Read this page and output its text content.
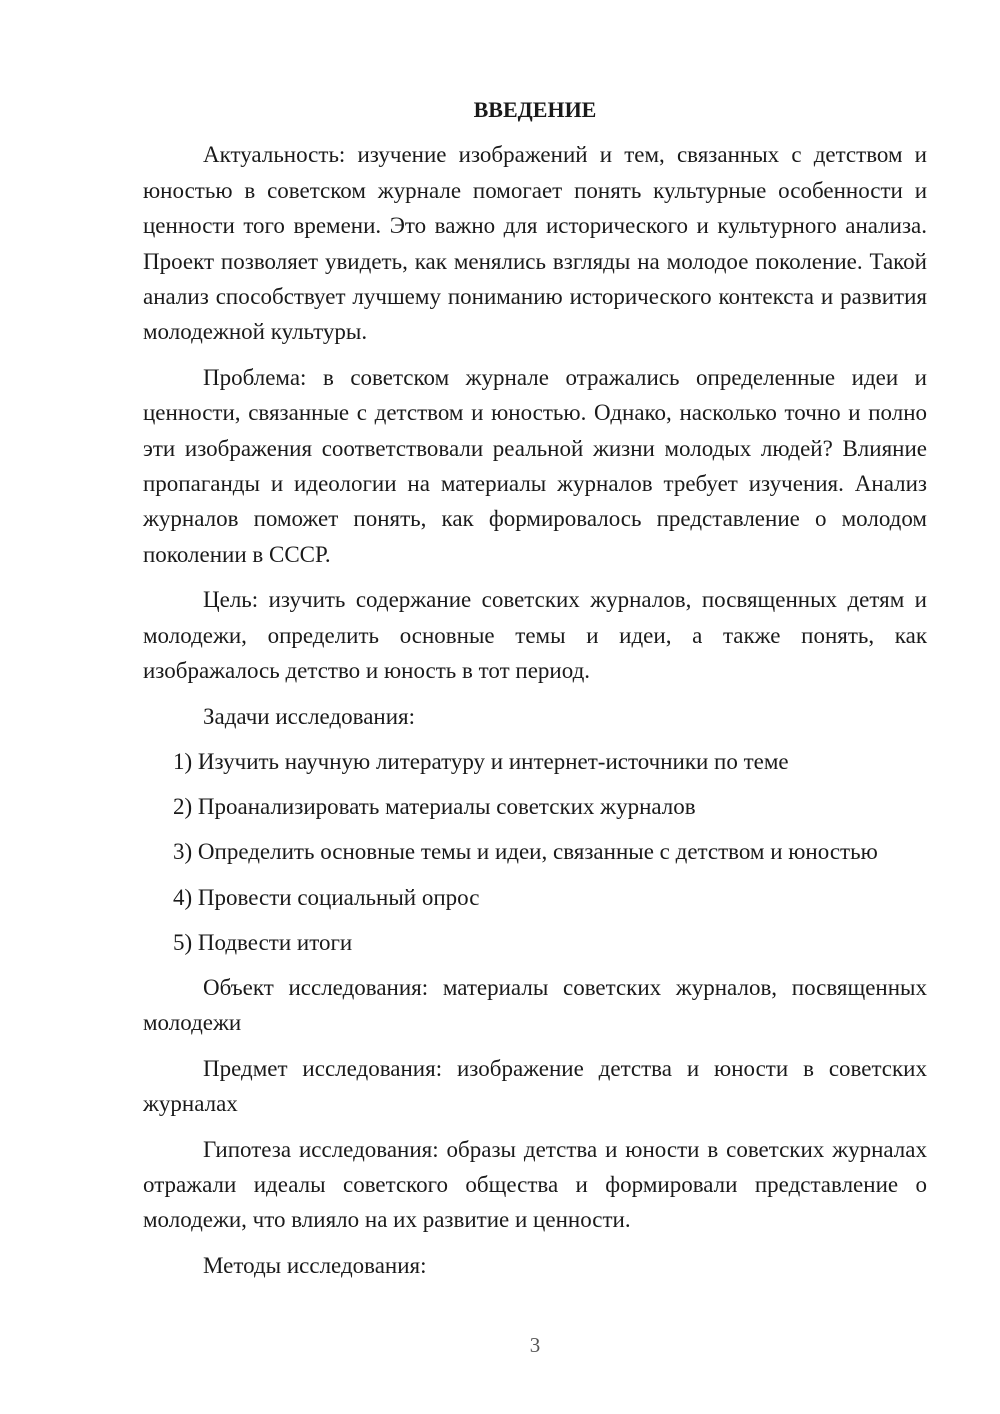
ВВЕДЕНИЕ
Актуальность: изучение изображений и тем, связанных с детством и юностью в советском журнале помогает понять культурные особенности и ценности того времени. Это важно для исторического и культурного анализа. Проект позволяет увидеть, как менялись взгляды на молодое поколение. Такой анализ способствует лучшему пониманию исторического контекста и развития молодежной культуры.
Проблема: в советском журнале отражались определенные идеи и ценности, связанные с детством и юностью. Однако, насколько точно и полно эти изображения соответствовали реальной жизни молодых людей? Влияние пропаганды и идеологии на материалы журналов требует изучения. Анализ журналов поможет понять, как формировалось представление о молодом поколении в СССР.
Цель: изучить содержание советских журналов, посвященных детям и молодежи, определить основные темы и идеи, а также понять, как изображалось детство и юность в тот период.
Задачи исследования:
1) Изучить научную литературу и интернет-источники по теме
2) Проанализировать материалы советских журналов
3) Определить основные темы и идеи, связанные с детством и юностью
4) Провести социальный опрос
5) Подвести итоги
Объект исследования: материалы советских журналов, посвященных молодежи
Предмет исследования: изображение детства и юности в советских журналах
Гипотеза исследования: образы детства и юности в советских журналах отражали идеалы советского общества и формировали представление о молодежи, что влияло на их развитие и ценности.
Методы исследования:
3
